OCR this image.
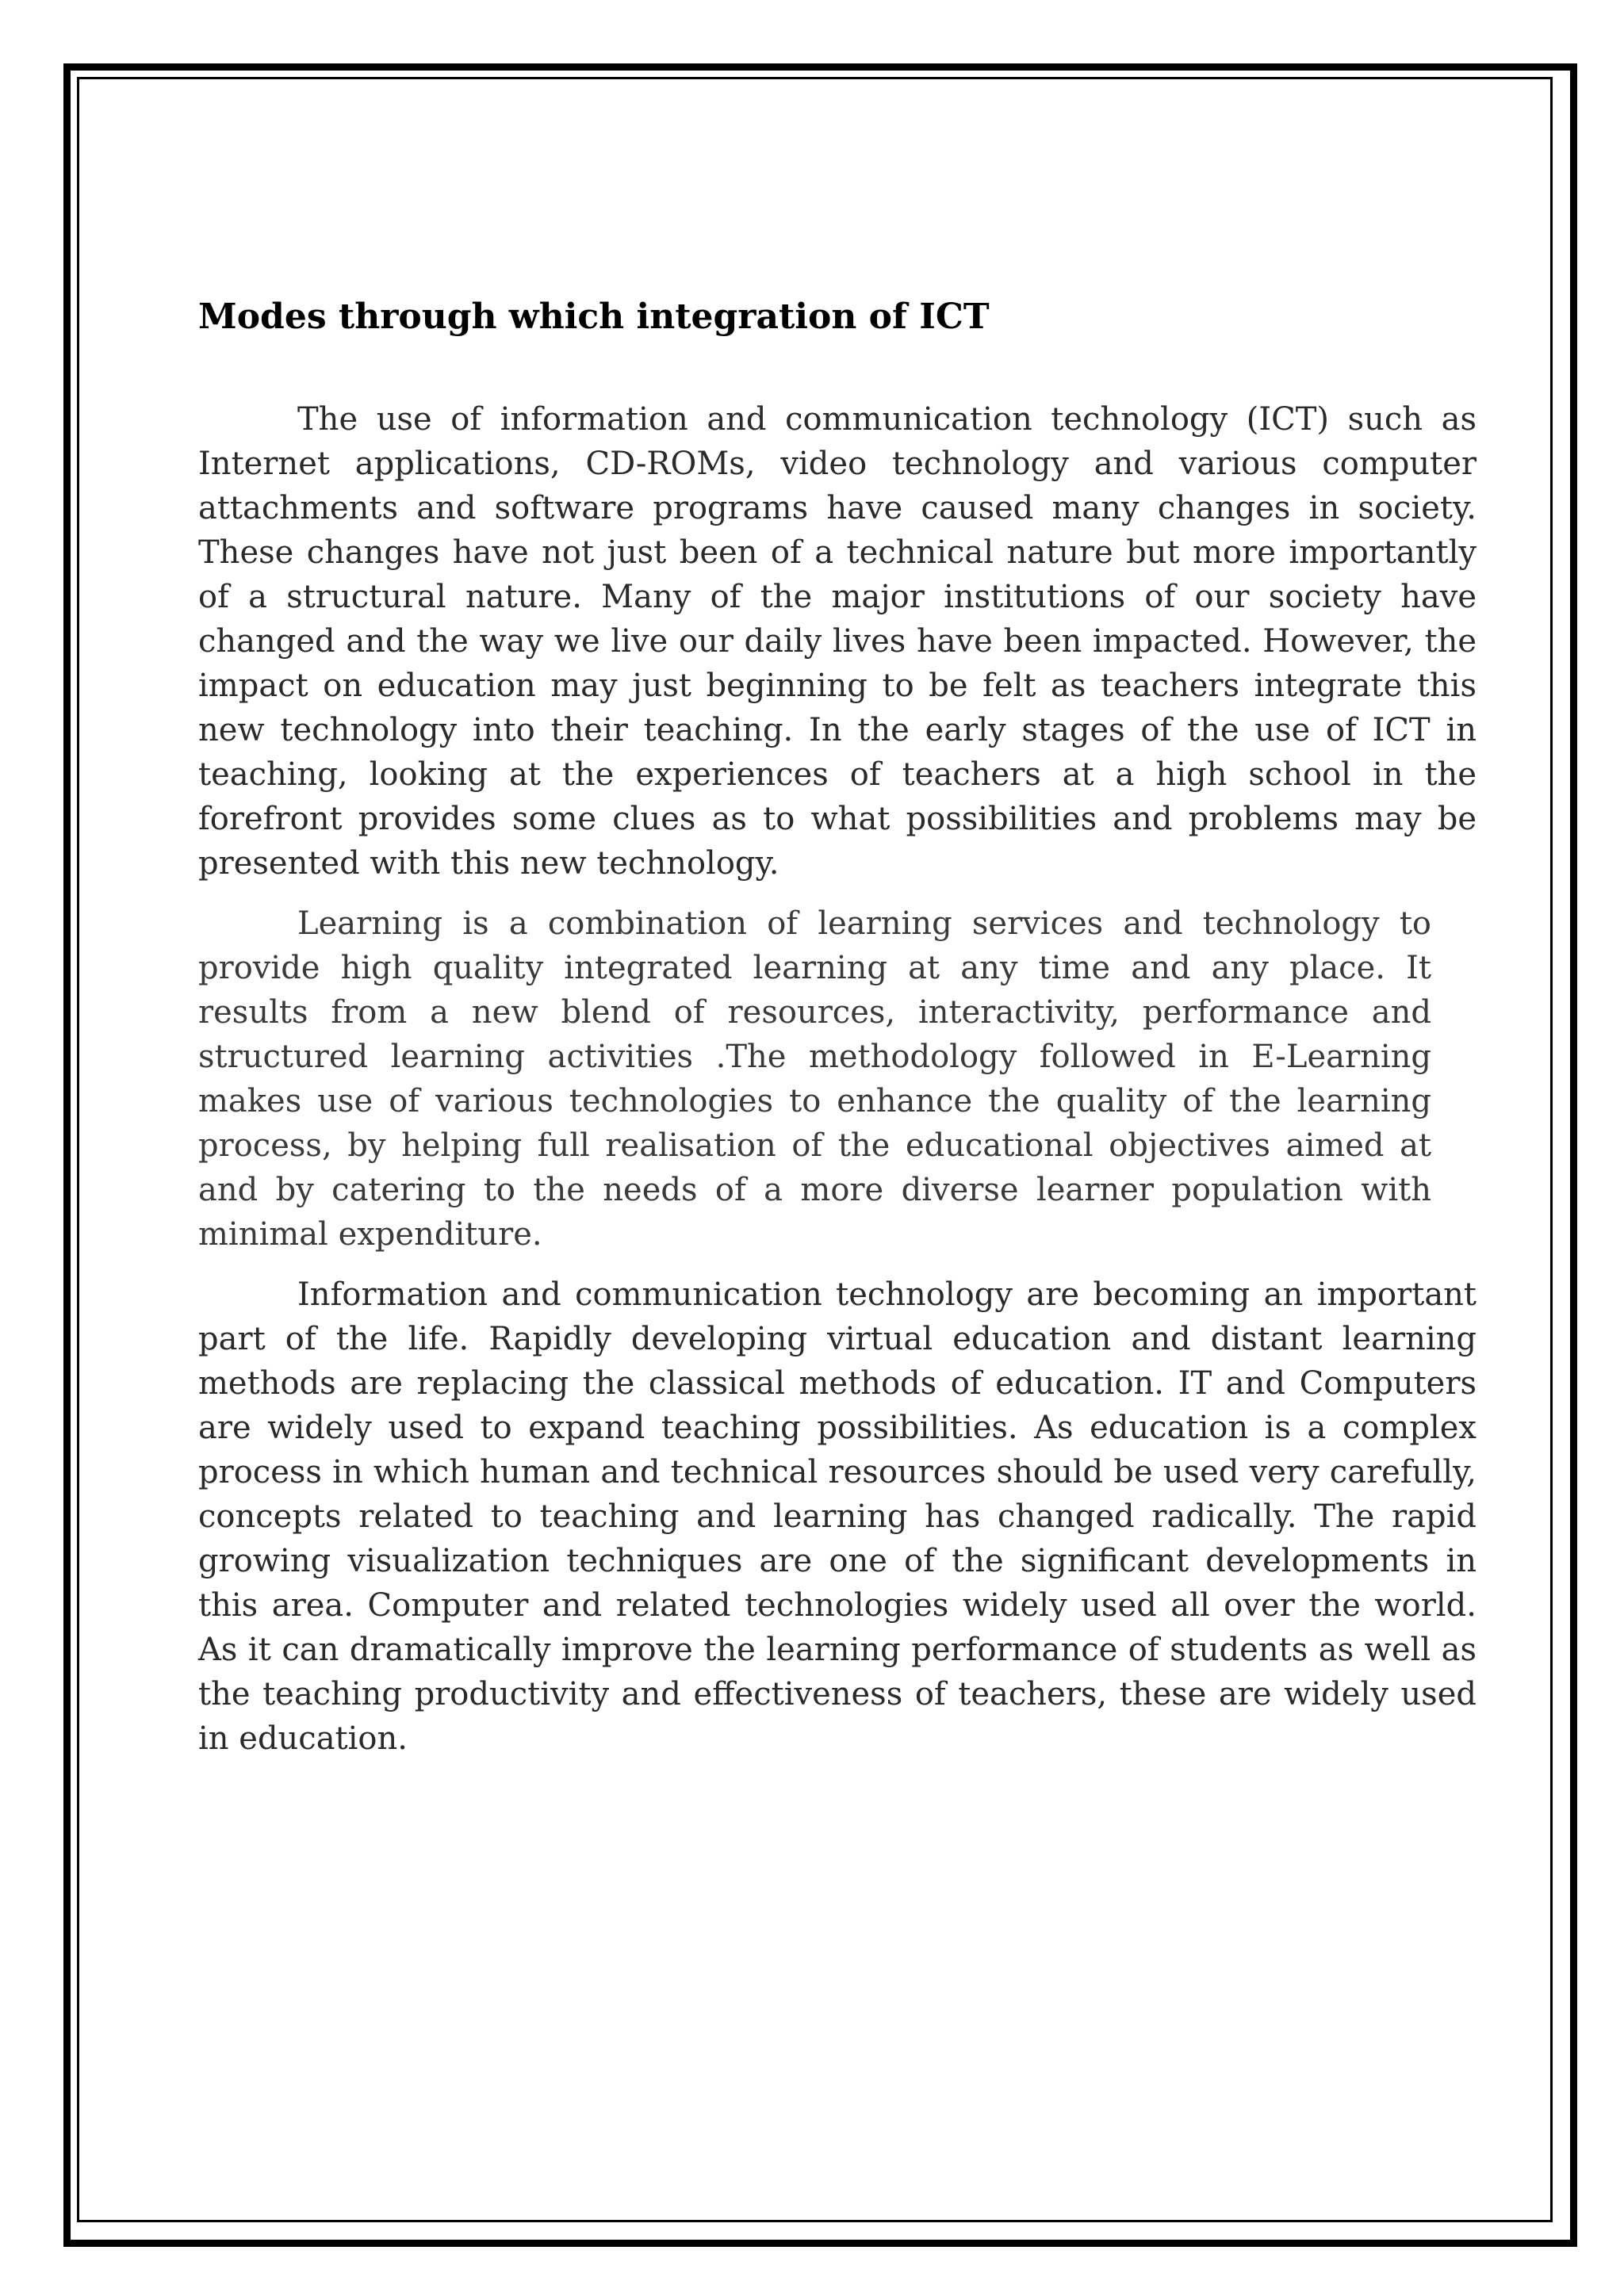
Modes through which integration of ICT

The use of information and communication technology (ICT) such as Internet applications, CD-ROMs, video technology and various computer attachments and software programs have caused many changes in society. These changes have not just been of a technical nature but more importantly of a structural nature. Many of the major institutions of our society have changed and the way we live our daily lives have been impacted. However, the impact on education may just beginning to be felt as teachers integrate this new technology into their teaching. In the early stages of the use of ICT in teaching, looking at the experiences of teachers at a high school in the forefront provides some clues as to what possibilities and problems may be presented with this new technology.

Learning is a combination of learning services and technology to provide high quality integrated learning at any time and any place. It results from a new blend of resources, interactivity, performance and structured learning activities .The methodology followed in E-Learning makes use of various technologies to enhance the quality of the learning process, by helping full realisation of the educational objectives aimed at and by catering to the needs of a more diverse learner population with minimal expenditure.

Information and communication technology are becoming an important part of the life. Rapidly developing virtual education and distant learning methods are replacing the classical methods of education. IT and Computers are widely used to expand teaching possibilities. As education is a complex process in which human and technical resources should be used very carefully, concepts related to teaching and learning has changed radically. The rapid growing visualization techniques are one of the significant developments in this area. Computer and related technologies widely used all over the world. As it can dramatically improve the learning performance of students as well as the teaching productivity and effectiveness of teachers, these are widely used in education.
